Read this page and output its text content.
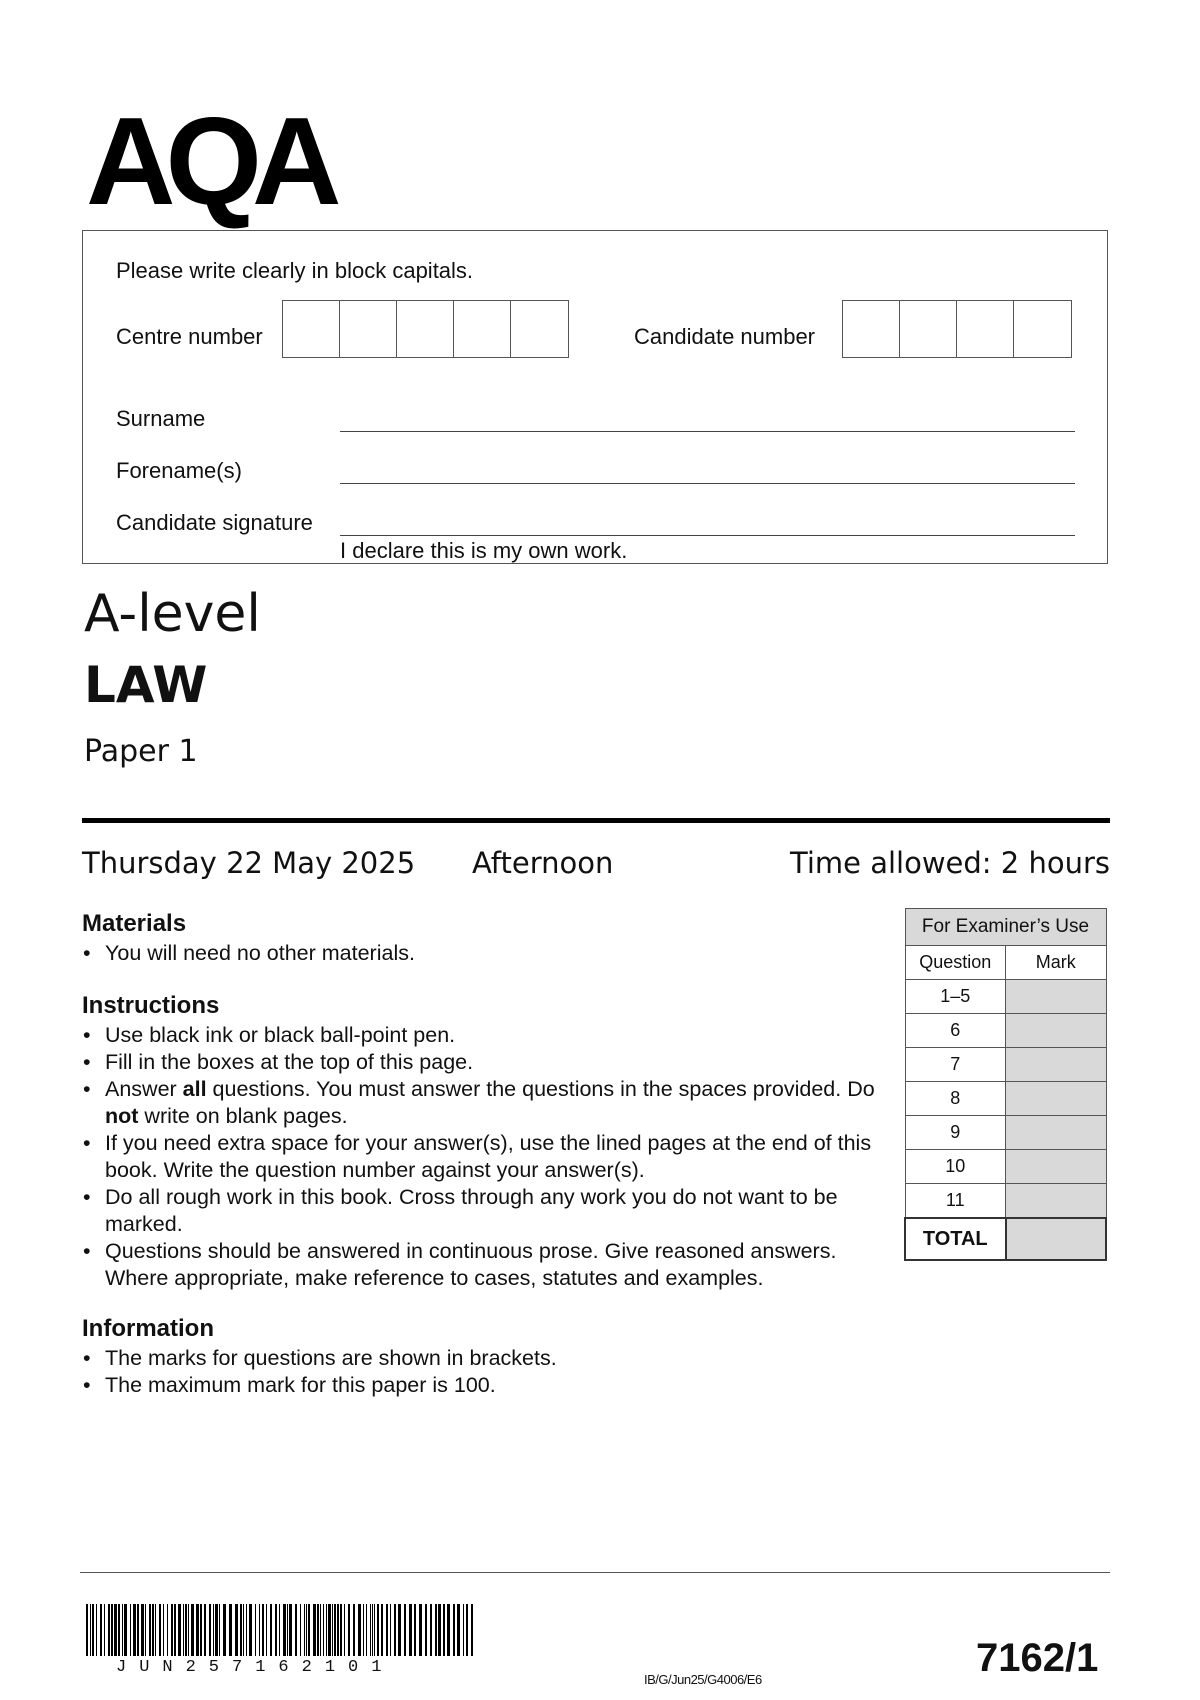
AQA
Please write clearly in block capitals.
Centre number	Candidate number
Surname
Forename(s)
Candidate signature
I declare this is my own work.
A-level
LAW
Paper 1
Thursday 22 May 2025 Afternoon	Time allowed: 2 hours
Materials
• You will need no other materials.
Instructions
• Use black ink or black ball-point pen.
• Fill in the boxes at the top of this page.
• Answer all questions. You must answer the questions in the spaces provided. Do not write on blank pages.
• If you need extra space for your answer(s), use the lined pages at the end of this book. Write the question number against your answer(s).
• Do all rough work in this book. Cross through any work you do not want to be marked.
• Questions should be answered in continuous prose. Give reasoned answers. Where appropriate, make reference to cases, statutes and examples.
Information
• The marks for questions are shown in brackets.
• The maximum mark for this paper is 100.
For Examiner’s Use	
Question	Mark
1–5	
6	
7	
8	
9	
10	
11	
TOTAL	
JUN257162101
IB/G/Jun25/G4006/E6	7162/1
